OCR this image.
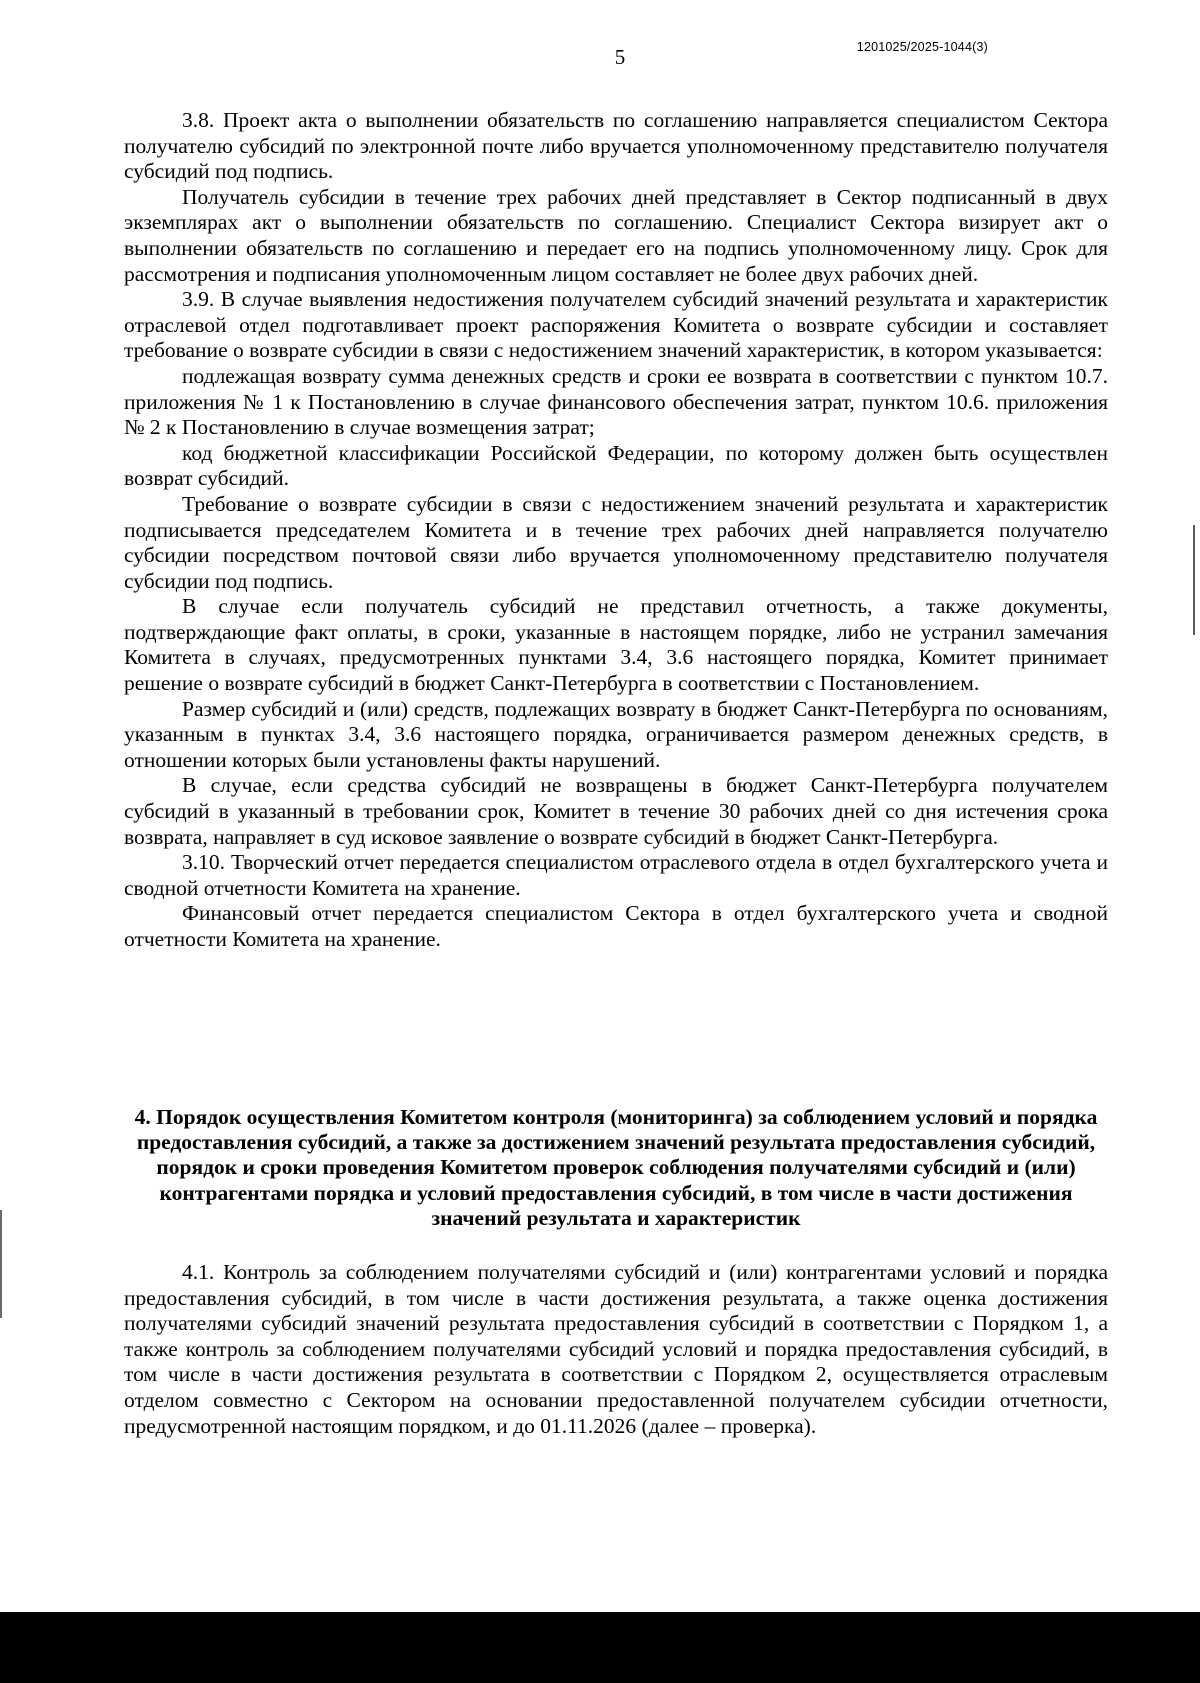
5	1201025/2025-1044(3)

3.8. Проект акта о выполнении обязательств по соглашению направляется специалистом Сектора получателю субсидий по электронной почте либо вручается уполномоченному представителю получателя субсидий под подпись.

Получатель субсидии в течение трех рабочих дней представляет в Сектор подписанный в двух экземплярах акт о выполнении обязательств по соглашению. Специалист Сектора визирует акт о выполнении обязательств по соглашению и передает его на подпись уполномоченному лицу. Срок для рассмотрения и подписания уполномоченным лицом составляет не более двух рабочих дней.

3.9. В случае выявления недостижения получателем субсидий значений результата и характеристик отраслевой отдел подготавливает проект распоряжения Комитета о возврате субсидии и составляет требование о возврате субсидии в связи с недостижением значений характеристик, в котором указывается:

подлежащая возврату сумма денежных средств и сроки ее возврата в соответствии с пунктом 10.7. приложения № 1 к Постановлению в случае финансового обеспечения затрат, пунктом 10.6. приложения № 2 к Постановлению в случае возмещения затрат;

код бюджетной классификации Российской Федерации, по которому должен быть осуществлен возврат субсидий.

Требование о возврате субсидии в связи с недостижением значений результата и характеристик подписывается председателем Комитета и в течение трех рабочих дней направляется получателю субсидии посредством почтовой связи либо вручается уполномоченному представителю получателя субсидии под подпись.

В случае если получатель субсидий не представил отчетность, а также документы, подтверждающие факт оплаты, в сроки, указанные в настоящем порядке, либо не устранил замечания Комитета в случаях, предусмотренных пунктами 3.4, 3.6 настоящего порядка, Комитет принимает решение о возврате субсидий в бюджет Санкт-Петербурга в соответствии с Постановлением.

Размер субсидий и (или) средств, подлежащих возврату в бюджет Санкт-Петербурга по основаниям, указанным в пунктах 3.4, 3.6 настоящего порядка, ограничивается размером денежных средств, в отношении которых были установлены факты нарушений.

В случае, если средства субсидий не возвращены в бюджет Санкт-Петербурга получателем субсидий в указанный в требовании срок, Комитет в течение 30 рабочих дней со дня истечения срока возврата, направляет в суд исковое заявление о возврате субсидий в бюджет Санкт-Петербурга.

3.10. Творческий отчет передается специалистом отраслевого отдела в отдел бухгалтерского учета и сводной отчетности Комитета на хранение.

Финансовый отчет передается специалистом Сектора в отдел бухгалтерского учета и сводной отчетности Комитета на хранение.

4. Порядок осуществления Комитетом контроля (мониторинга) за соблюдением условий и порядка предоставления субсидий, а также за достижением значений результата предоставления субсидий, порядок и сроки проведения Комитетом проверок соблюдения получателями субсидий и (или) контрагентами порядка и условий предоставления субсидий, в том числе в части достижения значений результата и характеристик

4.1. Контроль за соблюдением получателями субсидий и (или) контрагентами условий и порядка предоставления субсидий, в том числе в части достижения результата, а также оценка достижения получателями субсидий значений результата предоставления субсидий в соответствии с Порядком 1, а также контроль за соблюдением получателями субсидий условий и порядка предоставления субсидий, в том числе в части достижения результата в соответствии с Порядком 2, осуществляется отраслевым отделом совместно с Сектором на основании предоставленной получателем субсидии отчетности, предусмотренной настоящим порядком, и до 01.11.2026 (далее – проверка).
